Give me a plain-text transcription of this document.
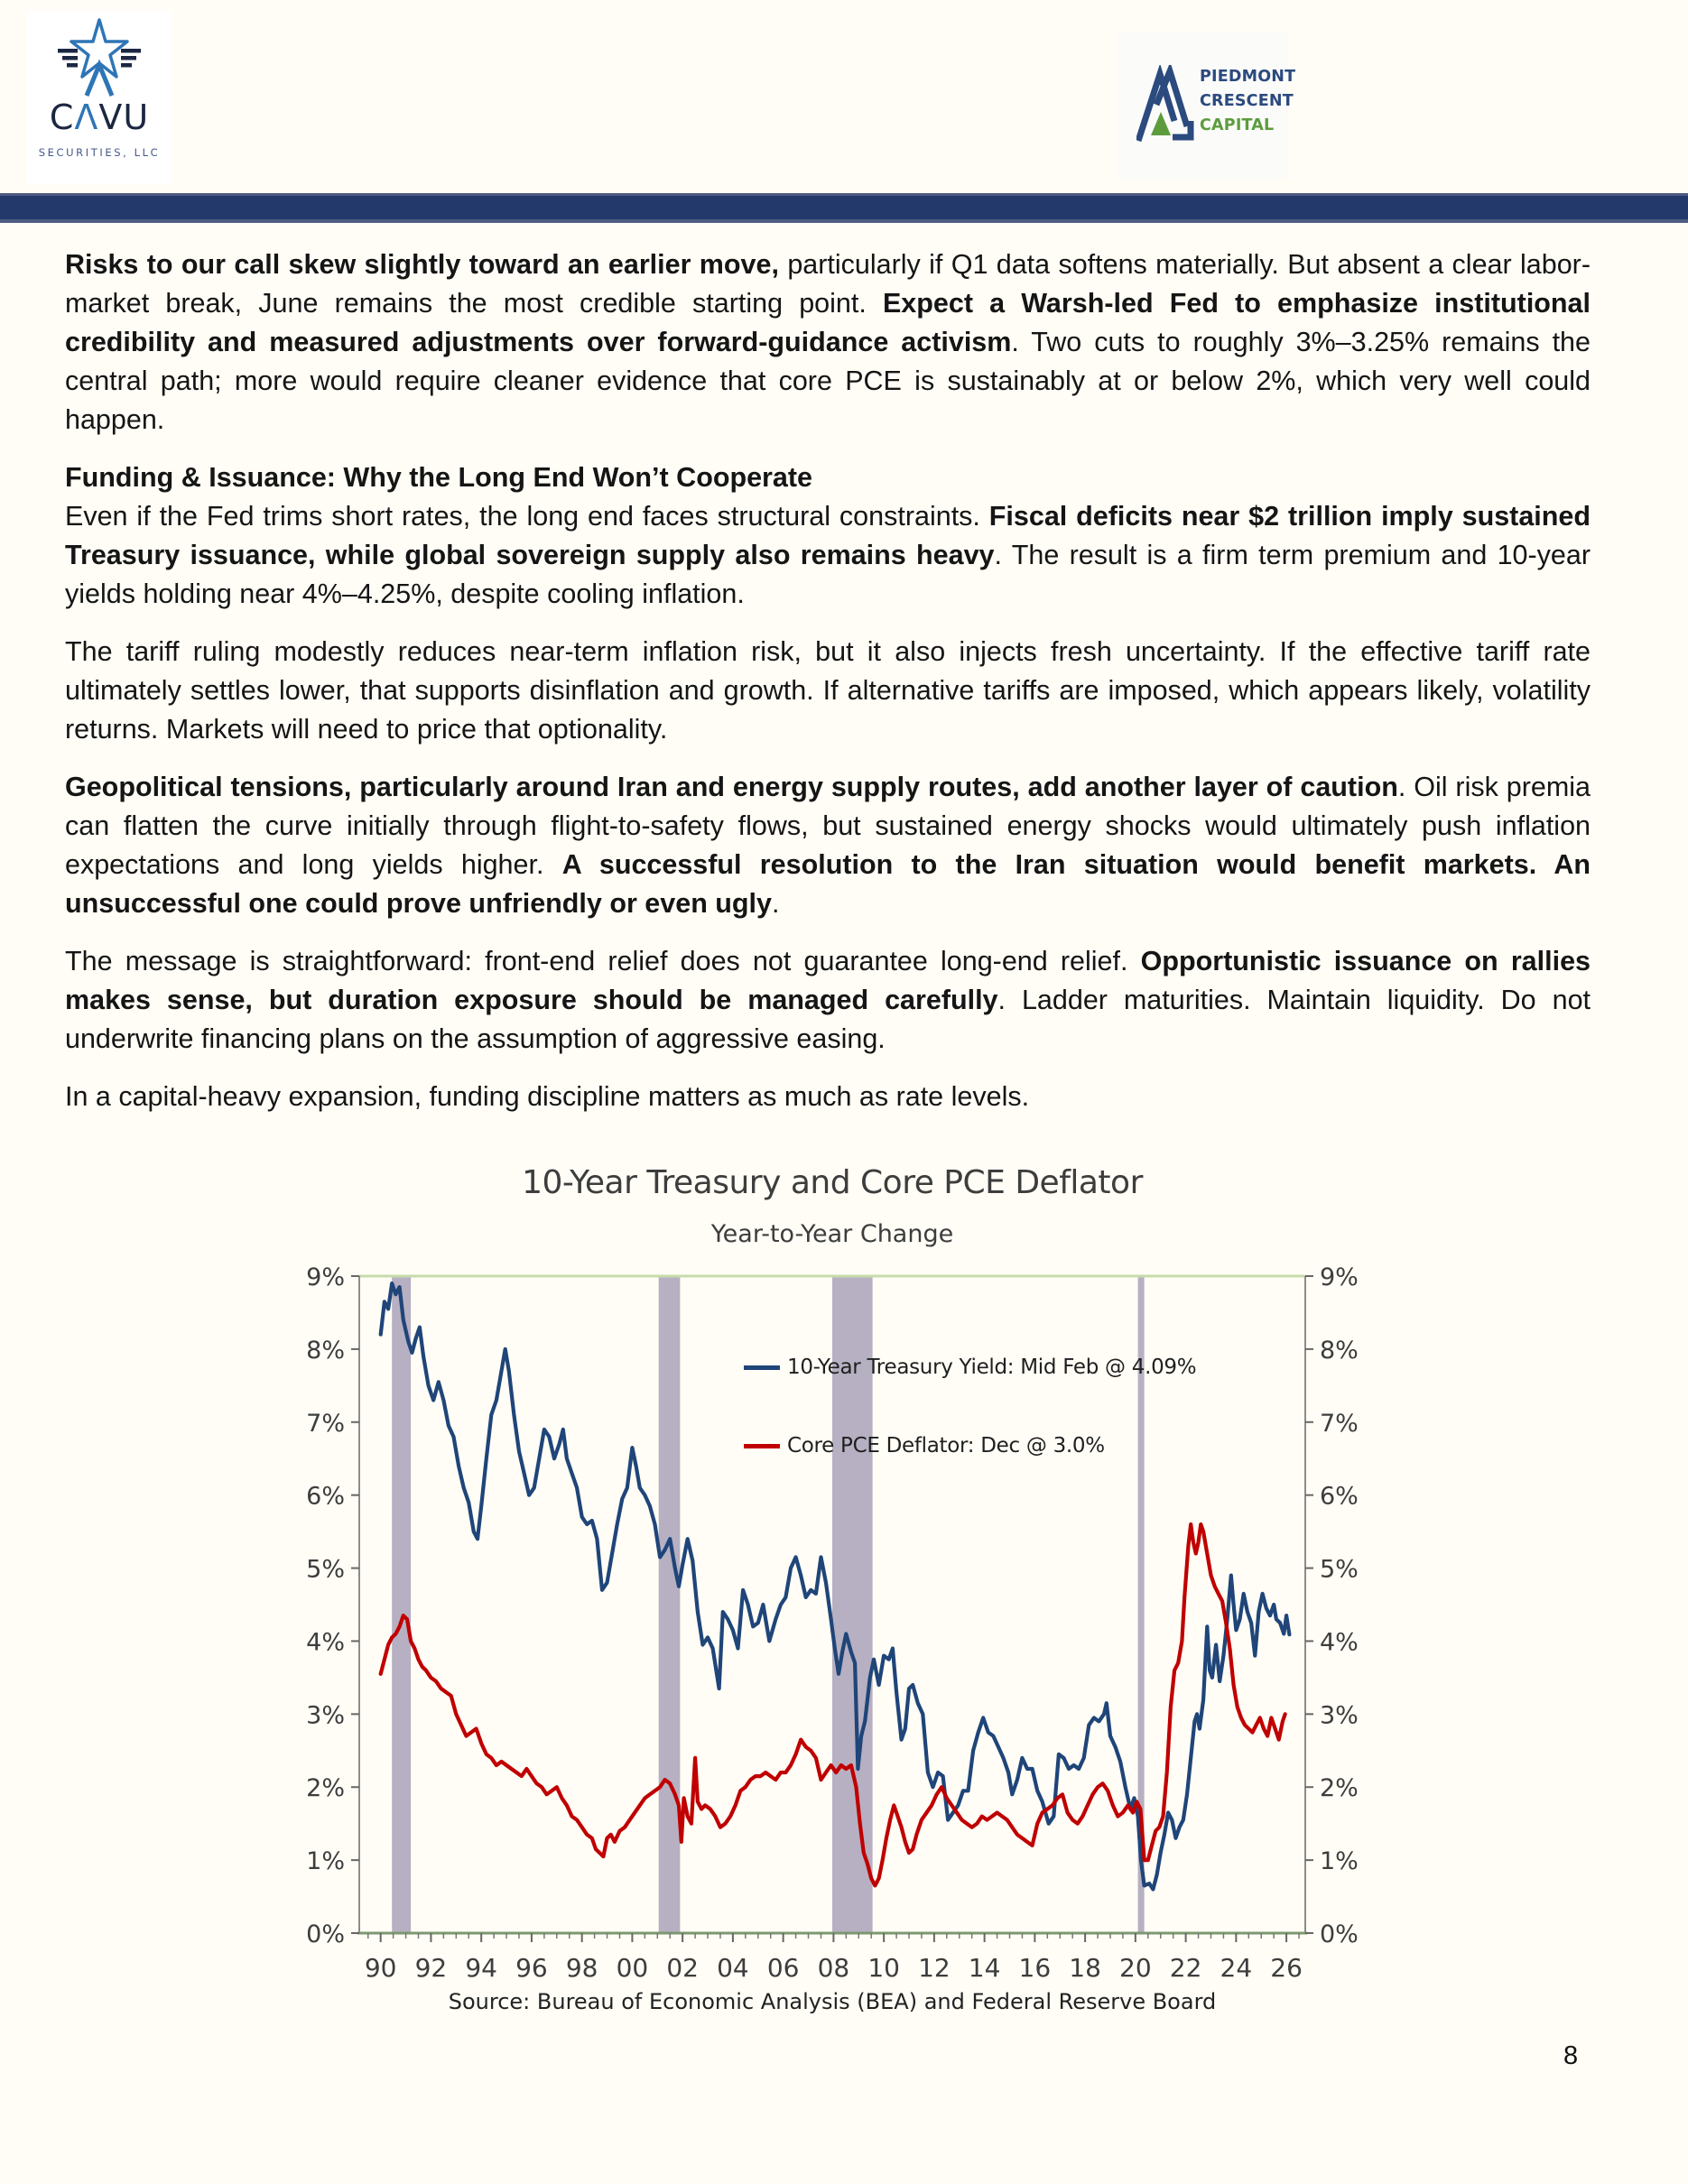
CΛVU
SECURITIES, LLC
PIEDMONT
CRESCENT
CAPITAL

Risks to our call skew slightly toward an earlier move, particularly if Q1 data softens materially. But absent a clear labor-market break, June remains the most credible starting point. Expect a Warsh-led Fed to emphasize institutional credibility and measured adjustments over forward-guidance activism. Two cuts to roughly 3%–3.25% remains the central path; more would require cleaner evidence that core PCE is sustainably at or below 2%, which very well could happen.

Funding & Issuance: Why the Long End Won’t Cooperate

Even if the Fed trims short rates, the long end faces structural constraints. Fiscal deficits near $2 trillion imply sustained Treasury issuance, while global sovereign supply also remains heavy. The result is a firm term premium and 10-year yields holding near 4%–4.25%, despite cooling inflation.

The tariff ruling modestly reduces near-term inflation risk, but it also injects fresh uncertainty. If the effective tariff rate ultimately settles lower, that supports disinflation and growth. If alternative tariffs are imposed, which appears likely, volatility returns. Markets will need to price that optionality.

Geopolitical tensions, particularly around Iran and energy supply routes, add another layer of caution. Oil risk premia can flatten the curve initially through flight-to-safety flows, but sustained energy shocks would ultimately push inflation expectations and long yields higher. A successful resolution to the Iran situation would benefit markets. An unsuccessful one could prove unfriendly or even ugly.

The message is straightforward: front-end relief does not guarantee long-end relief. Opportunistic issuance on rallies makes sense, but duration exposure should be managed carefully. Ladder maturities. Maintain liquidity. Do not underwrite financing plans on the assumption of aggressive easing.

In a capital-heavy expansion, funding discipline matters as much as rate levels.

10-Year Treasury and Core PCE Deflator
Year-to-Year Change
0%	0%
1%	1%
2%	2%
3%	3%
4%	4%
5%	5%
6%	6%
7%	7%
8%	8%
9%	9%
90 92 94 96 98 00 02 04 06 08 10 12 14 16 18 20 22 24 26
10-Year Treasury Yield: Mid Feb @ 4.09%
Core PCE Deflator: Dec @ 3.0%
Source: Bureau of Economic Analysis (BEA) and Federal Reserve Board
8
